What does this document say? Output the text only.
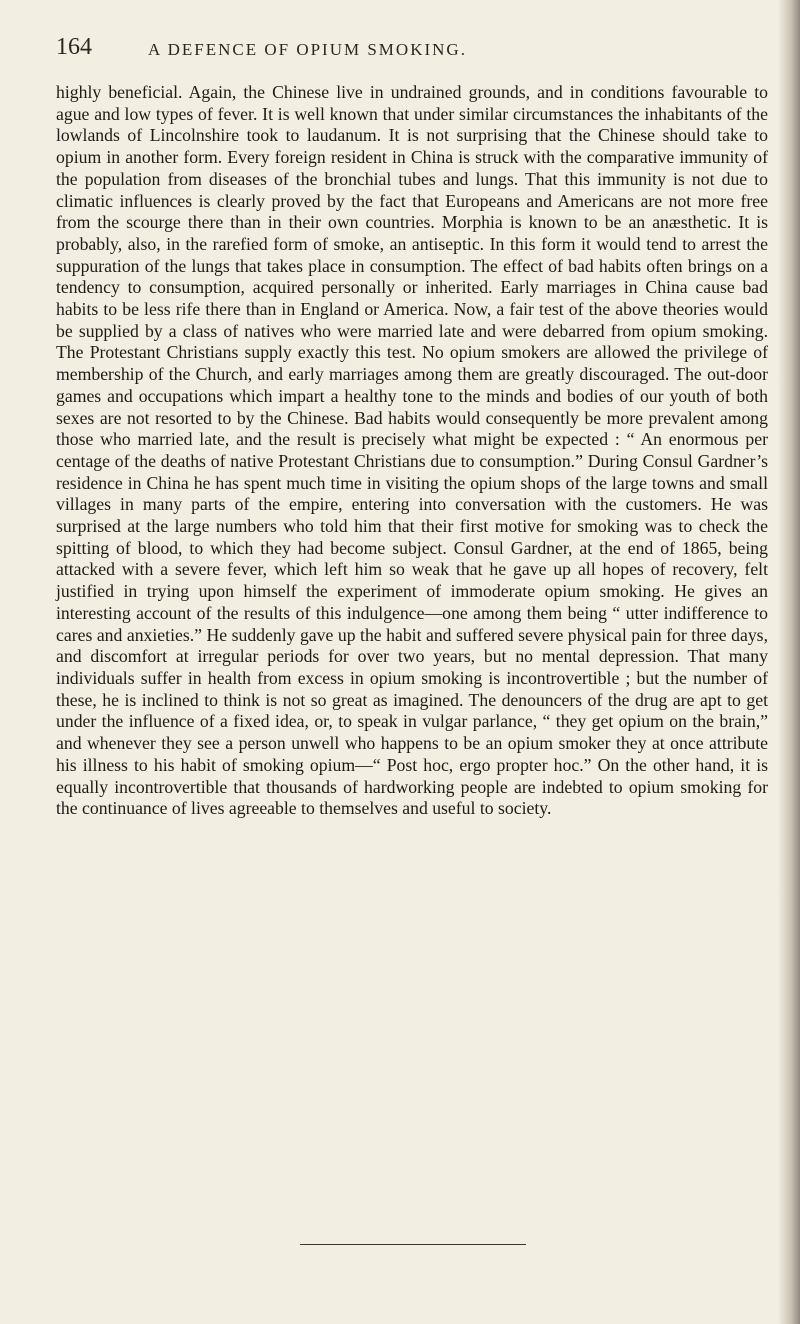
164	A DEFENCE OF OPIUM SMOKING.

highly beneficial. Again, the Chinese live in undrained grounds, and in conditions favourable to ague and low types of fever. It is well known that under similar circumstances the inhabitants of the lowlands of Lincolnshire took to laudanum. It is not surprising that the Chinese should take to opium in another form. Every foreign resident in China is struck with the comparative immunity of the population from diseases of the bronchial tubes and lungs. That this immunity is not due to climatic influences is clearly proved by the fact that Europeans and Americans are not more free from the scourge there than in their own countries. Morphia is known to be an anæsthetic. It is probably, also, in the rarefied form of smoke, an antiseptic. In this form it would tend to arrest the suppuration of the lungs that takes place in consumption. The effect of bad habits often brings on a tendency to consumption, acquired personally or inherited. Early marriages in China cause bad habits to be less rife there than in England or America. Now, a fair test of the above theories would be supplied by a class of natives who were married late and were debarred from opium smoking. The Protestant Christians supply exactly this test. No opium smokers are allowed the privilege of membership of the Church, and early marriages among them are greatly discouraged. The out-door games and occupations which impart a healthy tone to the minds and bodies of our youth of both sexes are not resorted to by the Chinese. Bad habits would consequently be more prevalent among those who married late, and the result is precisely what might be expected : “ An enormous per centage of the deaths of native Protestant Christians due to consumption.” During Consul Gardner’s residence in China he has spent much time in visiting the opium shops of the large towns and small villages in many parts of the empire, entering into conversation with the customers. He was surprised at the large numbers who told him that their first motive for smoking was to check the spitting of blood, to which they had become subject. Consul Gardner, at the end of 1865, being attacked with a severe fever, which left him so weak that he gave up all hopes of recovery, felt justified in trying upon himself the experiment of immoderate opium smoking. He gives an interesting account of the results of this indulgence—one among them being “ utter indifference to cares and anxieties.” He suddenly gave up the habit and suffered severe physical pain for three days, and discomfort at irregular periods for over two years, but no mental depression. That many individuals suffer in health from excess in opium smoking is incontrovertible ; but the number of these, he is inclined to think is not so great as imagined. The denouncers of the drug are apt to get under the influence of a fixed idea, or, to speak in vulgar parlance, “ they get opium on the brain,” and whenever they see a person unwell who happens to be an opium smoker they at once attribute his illness to his habit of smoking opium—“ Post hoc, ergo propter hoc.” On the other hand, it is equally incontrovertible that thousands of hardworking people are indebted to opium smoking for the continuance of lives agreeable to themselves and useful to society.
